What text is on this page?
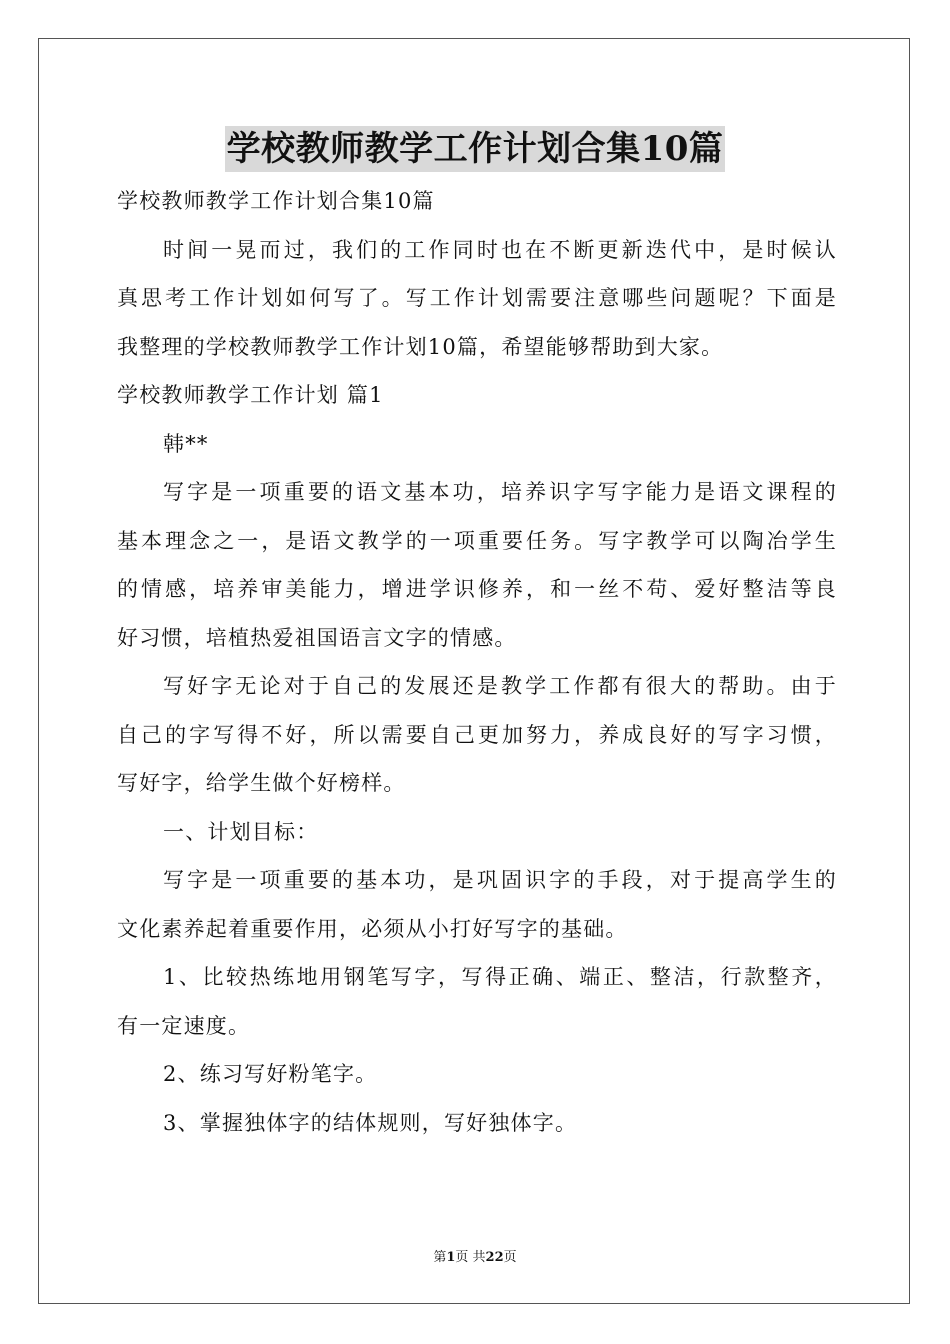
学校教师教学工作计划合集10篇
学校教师教学工作计划合集10篇
时间一晃而过，我们的工作同时也在不断更新迭代中，是时候认
真思考工作计划如何写了。写工作计划需要注意哪些问题呢？下面是
我整理的学校教师教学工作计划10篇，希望能够帮助到大家。
学校教师教学工作计划 篇1
韩**
写字是一项重要的语文基本功，培养识字写字能力是语文课程的
基本理念之一，是语文教学的一项重要任务。写字教学可以陶冶学生
的情感，培养审美能力，增进学识修养，和一丝不苟、爱好整洁等良
好习惯，培植热爱祖国语言文字的情感。
写好字无论对于自己的发展还是教学工作都有很大的帮助。由于
自己的字写得不好，所以需要自己更加努力，养成良好的写字习惯，
写好字，给学生做个好榜样。
一、计划目标：
写字是一项重要的基本功，是巩固识字的手段，对于提高学生的
文化素养起着重要作用，必须从小打好写字的基础。
1、比较热练地用钢笔写字，写得正确、端正、整洁，行款整齐，
有一定速度。
2、练习写好粉笔字。
3、掌握独体字的结体规则，写好独体字。
第1页 共22页
